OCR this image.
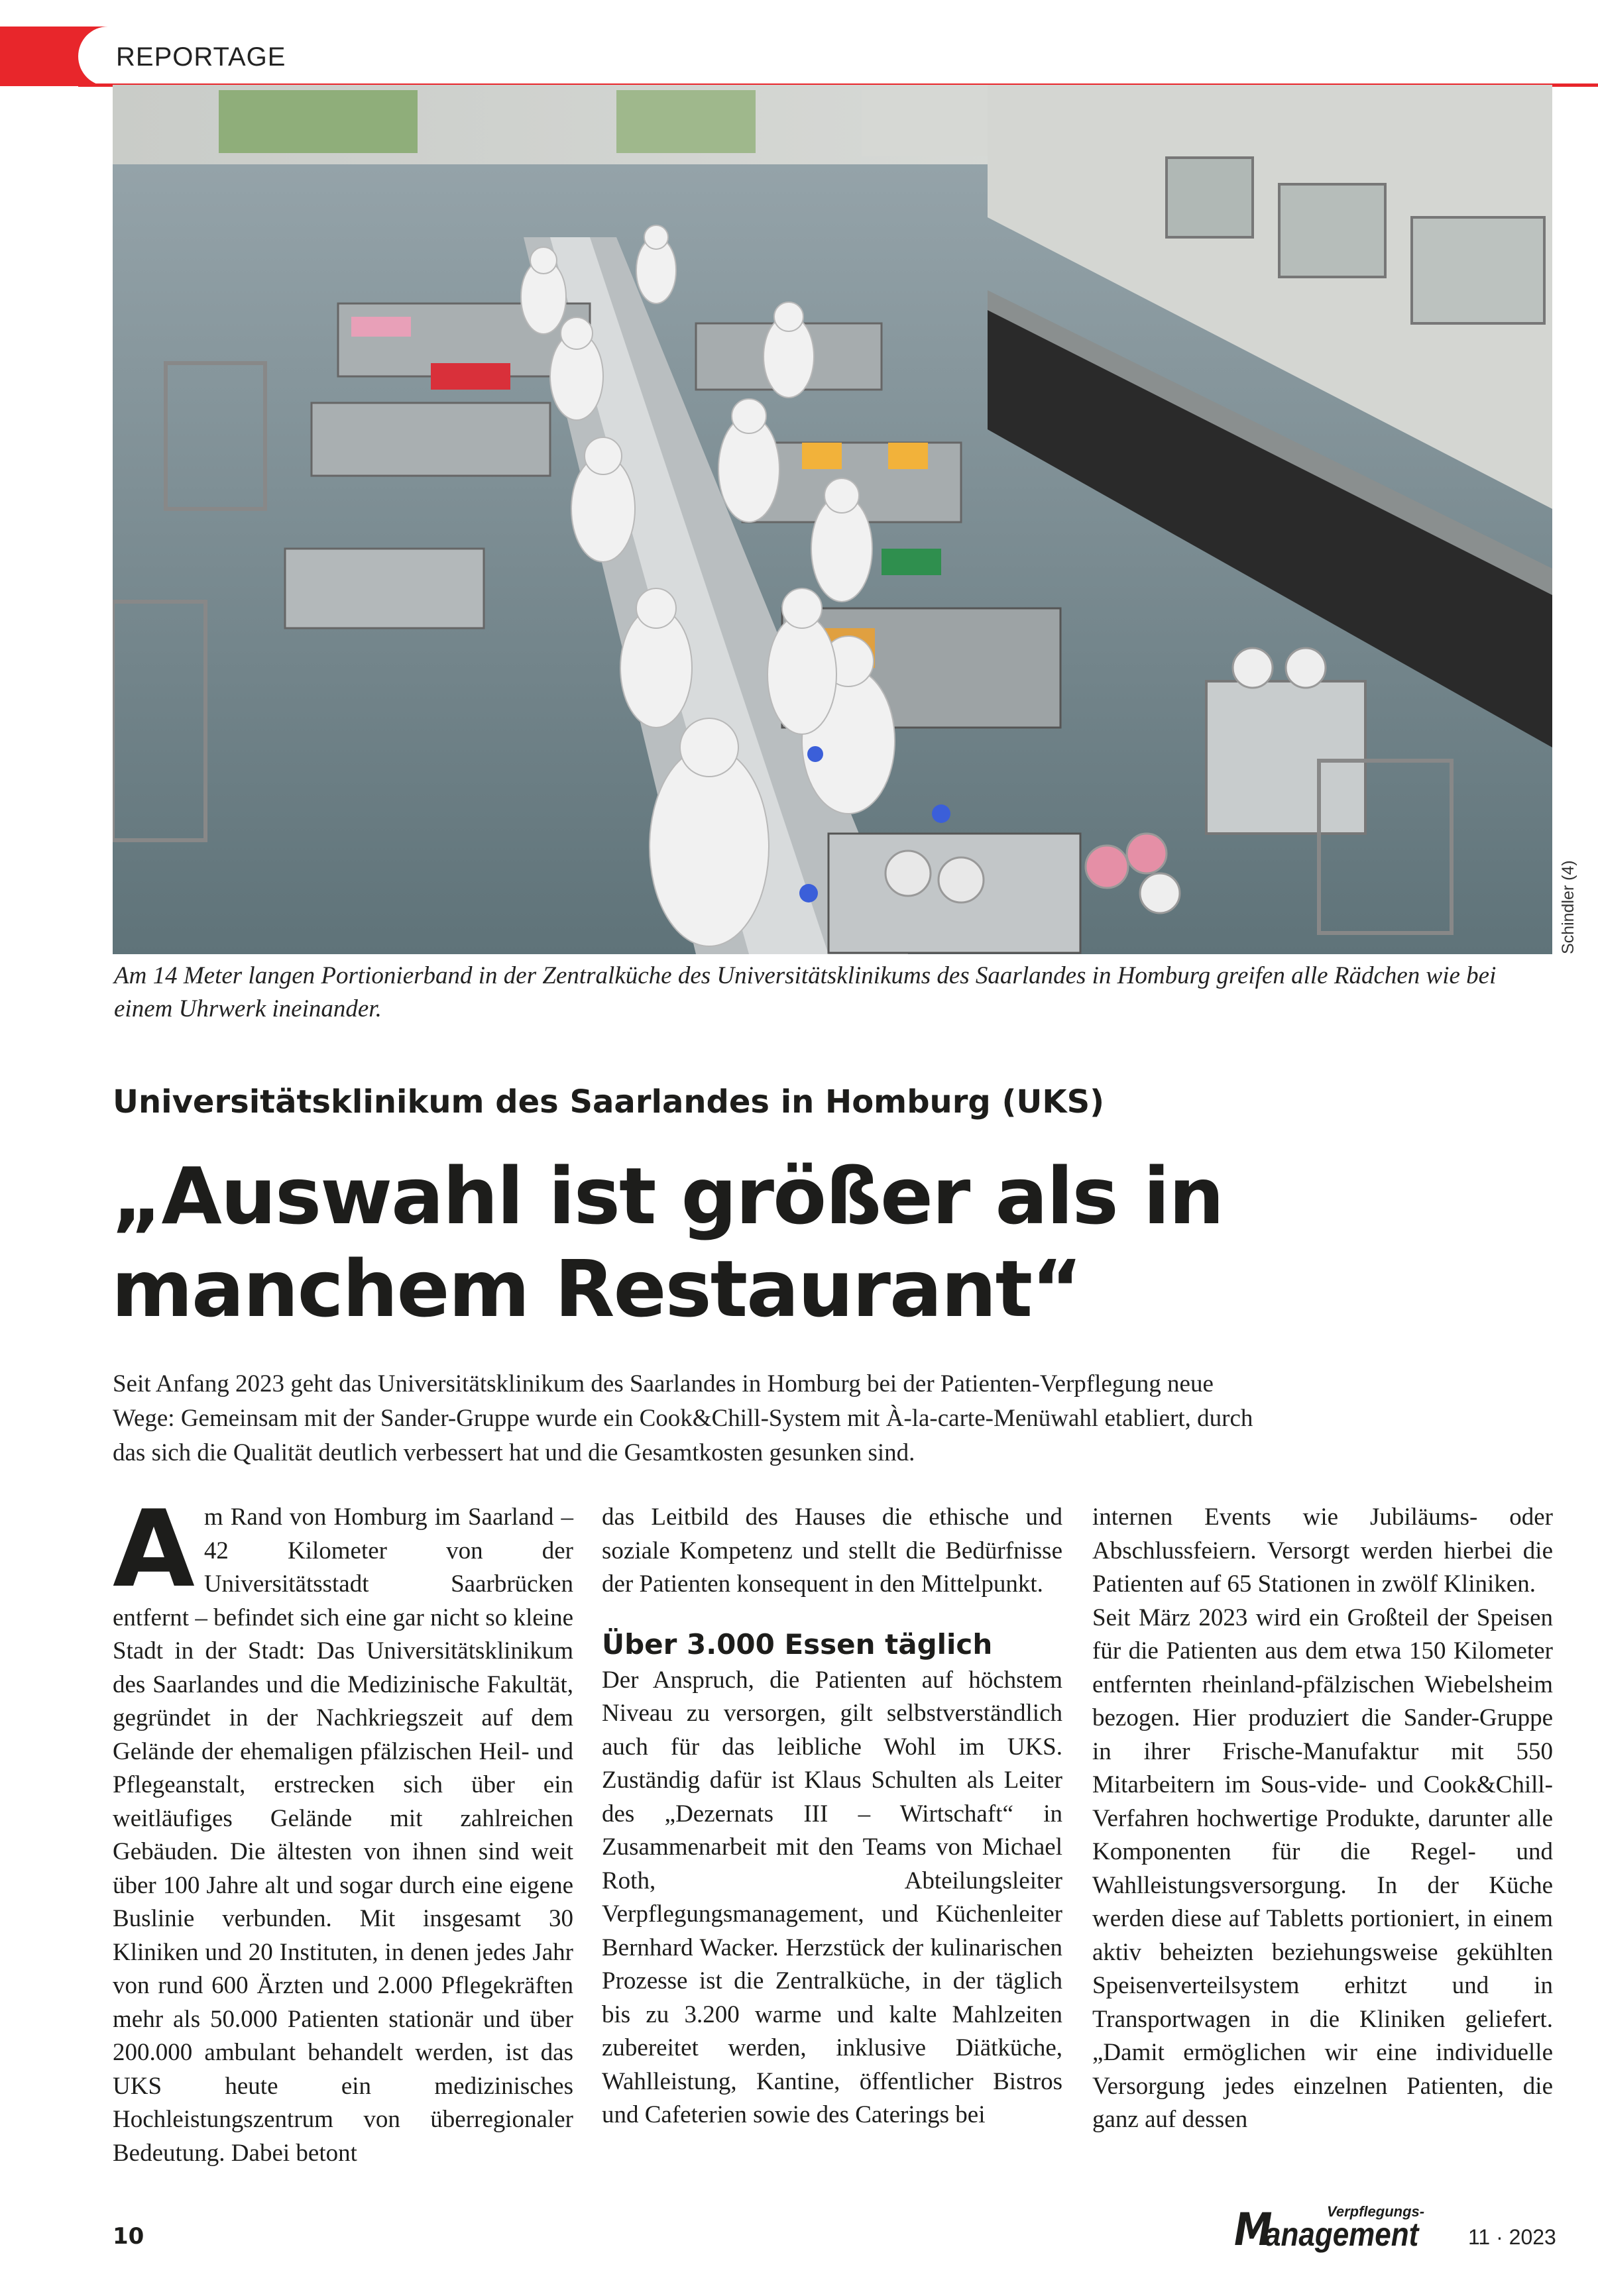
REPORTAGE
Schindler (4)
Am 14 Meter langen Portionierband in der Zentralküche des Universitätsklinikums des Saarlandes in Homburg greifen alle Rädchen wie bei einem Uhrwerk ineinander.
Universitätsklinikum des Saarlandes in Homburg (UKS)
„Auswahl ist größer als in
manchem Restaurant“
Seit Anfang 2023 geht das Universitätsklinikum des Saarlandes in Homburg bei der Patienten-Verpflegung neue Wege: Gemeinsam mit der Sander-Gruppe wurde ein Cook&Chill-System mit À-la-carte-Menüwahl etabliert, durch das sich die Qualität deutlich verbessert hat und die Gesamtkosten gesunken sind.
A m Rand von Homburg im Saarland – 42 Kilometer von der Universitätsstadt Saarbrücken entfernt – befindet sich eine gar nicht so kleine Stadt in der Stadt: Das Universitätsklinikum des Saarlandes und die Medizinische Fakultät, gegründet in der Nachkriegszeit auf dem Gelände der ehemaligen pfälzischen Heil- und Pflegeanstalt, erstrecken sich über ein weitläufiges Gelände mit zahlreichen Gebäuden. Die ältesten von ihnen sind weit über 100 Jahre alt und sogar durch eine eigene Buslinie verbunden. Mit insgesamt 30 Kliniken und 20 Instituten, in denen jedes Jahr von rund 600 Ärzten und 2.000 Pflegekräften mehr als 50.000 Patienten stationär und über 200.000 ambulant behandelt werden, ist das UKS heute ein medizinisches Hochleistungszentrum von überregionaler Bedeutung. Dabei betont

das Leitbild des Hauses die ethische und soziale Kompetenz und stellt die Bedürfnisse der Patienten konsequent in den Mittelpunkt.

Über 3.000 Essen täglich

Der Anspruch, die Patienten auf höchstem Niveau zu versorgen, gilt selbstverständlich auch für das leibliche Wohl im UKS. Zuständig dafür ist Klaus Schulten als Leiter des „Dezernats III – Wirtschaft“ in Zusammenarbeit mit den Teams von Michael Roth, Abteilungsleiter Verpflegungsmanagement, und Küchenleiter Bernhard Wacker. Herzstück der kulinarischen Prozesse ist die Zentralküche, in der täglich bis zu 3.200 warme und kalte Mahlzeiten zubereitet werden, inklusive Diätküche, Wahlleistung, Kantine, öffentlicher Bistros und Cafeterien sowie des Caterings bei

internen Events wie Jubiläums- oder Abschlussfeiern. Versorgt werden hierbei die Patienten auf 65 Stationen in zwölf Kliniken.

Seit März 2023 wird ein Großteil der Speisen für die Patienten aus dem etwa 150 Kilometer entfernten rheinland-pfälzischen Wiebelsheim bezogen. Hier produziert die Sander-Gruppe in ihrer Frische-Manufaktur mit 550 Mitarbeitern im Sous-vide- und Cook&Chill-Verfahren hochwertige Produkte, darunter alle Komponenten für die Regel- und Wahlleistungsversorgung. In der Küche werden diese auf Tabletts portioniert, in einem aktiv beheizten beziehungsweise gekühlten Speisenverteilsystem erhitzt und in Transportwagen in die Kliniken geliefert. „Damit ermöglichen wir eine individuelle Versorgung jedes einzelnen Patienten, die ganz auf dessen

10	M	Verpflegungs-
anagement 11 · 2023
